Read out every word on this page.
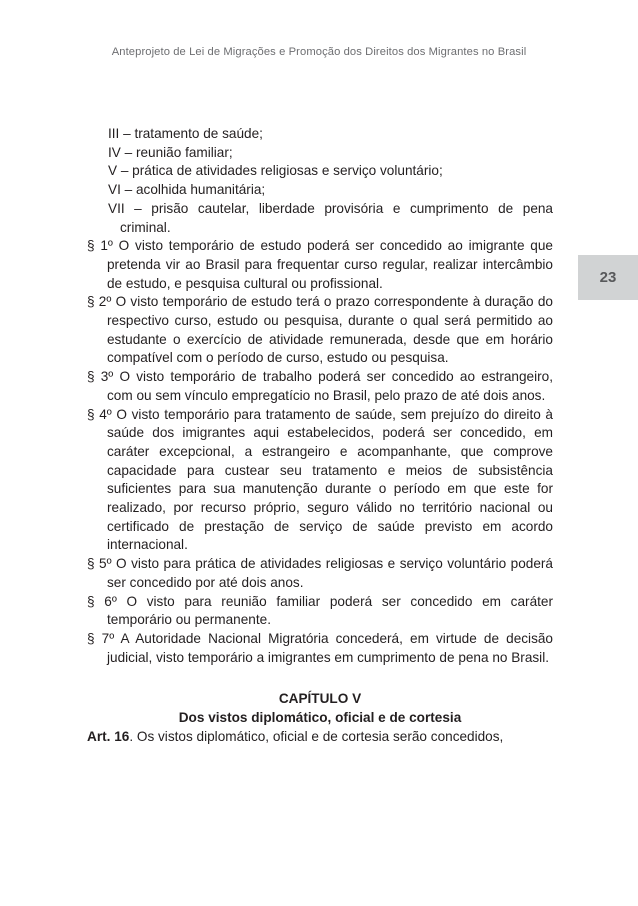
Anteprojeto de Lei de Migrações e Promoção dos Direitos dos Migrantes no Brasil
23
III – tratamento de saúde;
IV – reunião familiar;
V – prática de atividades religiosas e serviço voluntário;
VI – acolhida humanitária;
VII – prisão cautelar, liberdade provisória e cumprimento de pena criminal.
§ 1º O visto temporário de estudo poderá ser concedido ao imigrante que pretenda vir ao Brasil para frequentar curso regular, realizar intercâmbio de estudo, e pesquisa cultural ou profissional.
§ 2º O visto temporário de estudo terá o prazo correspondente à duração do respectivo curso, estudo ou pesquisa, durante o qual será permitido ao estudante o exercício de atividade remunerada, desde que em horário compatível com o período de curso, estudo ou pesquisa.
§ 3º O visto temporário de trabalho poderá ser concedido ao estrangeiro, com ou sem vínculo empregatício no Brasil, pelo prazo de até dois anos.
§ 4º O visto temporário para tratamento de saúde, sem prejuízo do direito à saúde dos imigrantes aqui estabelecidos, poderá ser concedido, em caráter excepcional, a estrangeiro e acompanhante, que comprove capacidade para custear seu tratamento e meios de subsistência suficientes para sua manutenção durante o período em que este for realizado, por recurso próprio, seguro válido no território nacional ou certificado de prestação de serviço de saúde previsto em acordo internacional.
§ 5º O visto para prática de atividades religiosas e serviço voluntário poderá ser concedido por até dois anos.
§ 6º O visto para reunião familiar poderá ser concedido em caráter temporário ou permanente.
§ 7º A Autoridade Nacional Migratória concederá, em virtude de decisão judicial, visto temporário a imigrantes em cumprimento de pena no Brasil.
CAPÍTULO V
Dos vistos diplomático, oficial e de cortesia
Art. 16. Os vistos diplomático, oficial e de cortesia serão concedidos,
